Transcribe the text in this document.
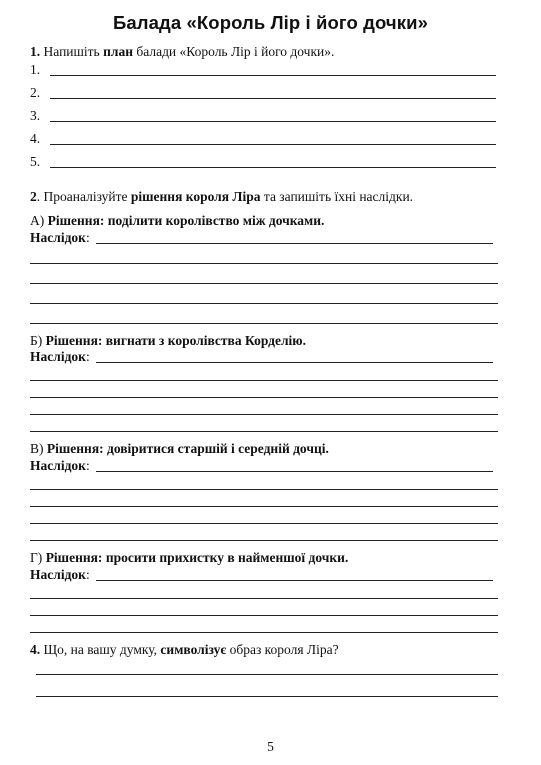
Балада «Король Лір і його дочки»
1. Напишіть план балади «Король Лір і його дочки».
1.
2.
3.
4.
5.
2. Проаналізуйте рішення короля Ліра та запишіть їхні наслідки.
А) Рішення: поділити королівство між дочками.
Наслідок:
Б) Рішення: вигнати з королівства Корделію.
Наслідок:
В) Рішення: довіритися старшій і середній дочці.
Наслідок:
Г) Рішення: просити прихистку в найменшої дочки.
Наслідок:
4. Що, на вашу думку, символізує образ короля Ліра?
5
